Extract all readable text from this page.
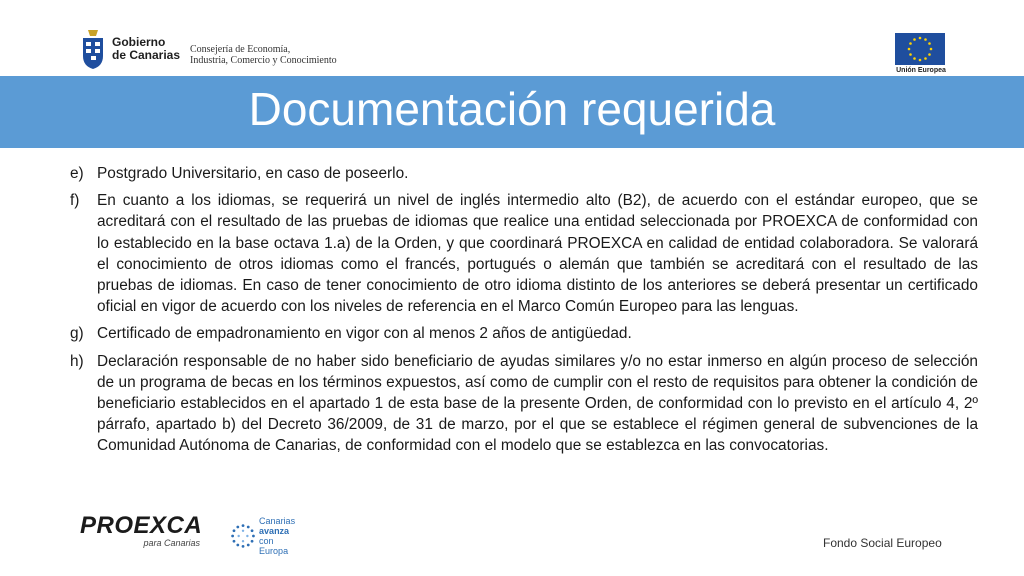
Gobierno
de Canarias Consejería de Economía,
Industria, Comercio y Conocimiento
Unión Europea
Documentación requerida
e) Postgrado Universitario, en caso de poseerlo.
f)	En cuanto a los idiomas, se requerirá un nivel de inglés intermedio alto (B2), de acuerdo con el estándar europeo, que se acreditará con el resultado de las pruebas de idiomas que realice una entidad seleccionada por PROEXCA de conformidad con lo establecido en la base octava 1.a) de la Orden, y que coordinará PROEXCA en calidad de entidad colaboradora. Se valorará el conocimiento de otros idiomas como el francés, portugués o alemán que también se acreditará con el resultado de las pruebas de idiomas. En caso de tener conocimiento de otro idioma distinto de los anteriores se deberá presentar un certificado oficial en vigor de acuerdo con los niveles de referencia en el Marco Común Europeo para las lenguas.
g) Certificado de empadronamiento en vigor con al menos 2 años de antigüedad.
h) Declaración responsable de no haber sido beneficiario de ayudas similares y/o no estar inmerso en algún proceso de selección de un programa de becas en los términos expuestos, así como de cumplir con el resto de requisitos para obtener la condición de beneficiario establecidos en el apartado 1 de esta base de la presente Orden, de conformidad con lo previsto en el artículo 4, 2º párrafo, apartado b) del Decreto 36/2009, de 31 de marzo, por el que se establece el régimen general de subvenciones de la Comunidad Autónoma de Canarias, de conformidad con el modelo que se establezca en las convocatorias.
PROEXCA
para Canarias
Canarias
avanza
con Europa
Fondo Social Europeo
